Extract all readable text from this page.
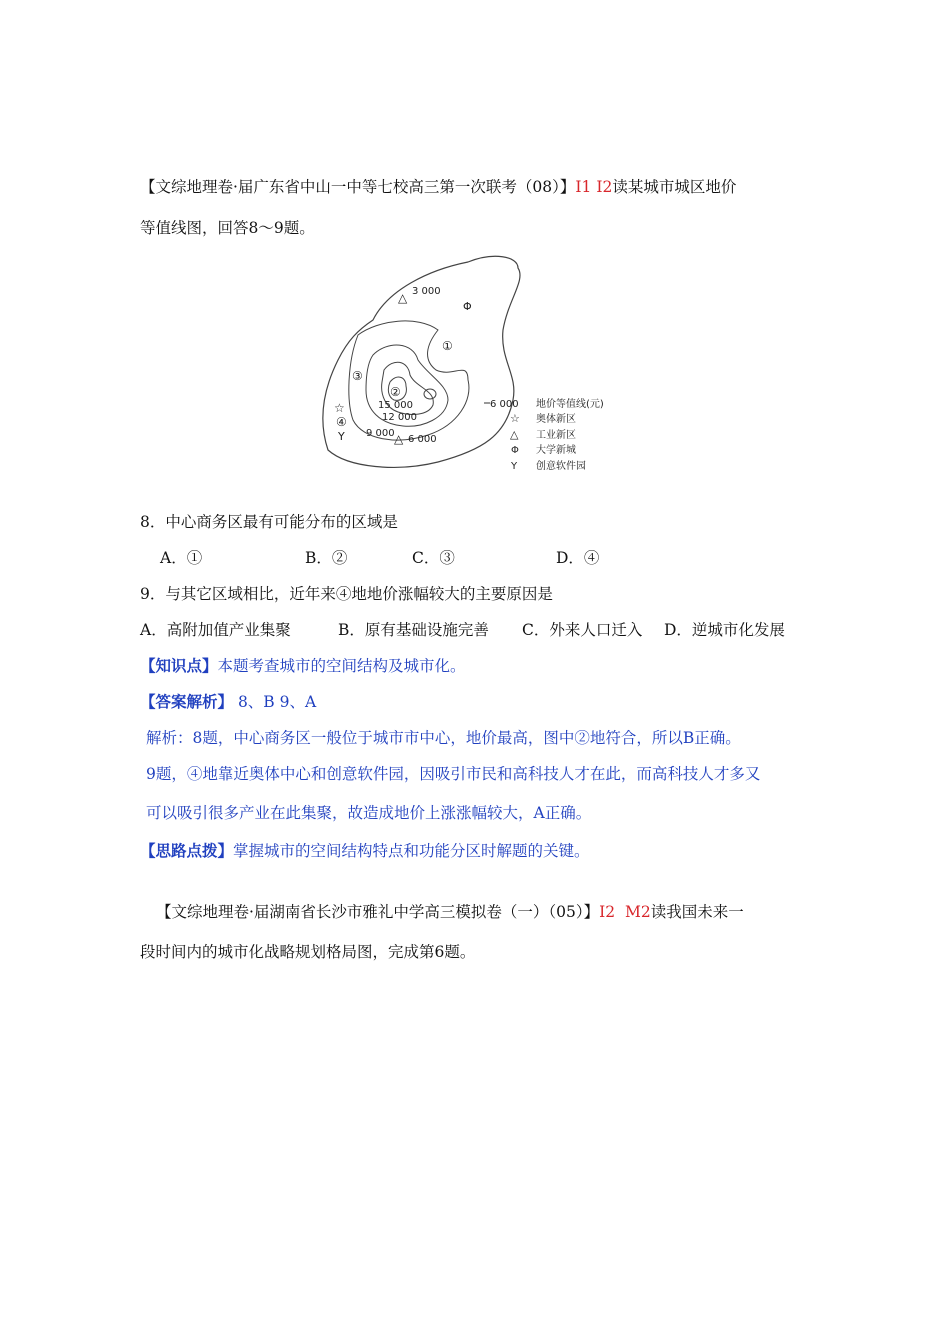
【文综地理卷·届广东省中山一中等七校高三第一次联考（08）】I1 I2读某城市城区地价
等值线图，回答8～9题。
3 000
6 000
9 000
12 000
15 000
6 000
①
②
③
④
△
Φ
☆
Y	△
地价等值线(元)
☆ 奥体新区
△ 工业新区
Φ 大学新城
Y 创意软件园
8．中心商务区最有可能分布的区域是
A．①	B．②	C．③	D．④
9．与其它区域相比，近年来④地地价涨幅较大的主要原因是
A．高附加值产业集聚	B．原有基础设施完善 C．外来人口迁入 D．逆城市化发展
【知识点】本题考查城市的空间结构及城市化。
【答案解析】 8、B 9、A
解析：8题，中心商务区一般位于城市市中心，地价最高，图中②地符合，所以B正确。
9题，④地靠近奥体中心和创意软件园，因吸引市民和高科技人才在此，而高科技人才多又
可以吸引很多产业在此集聚，故造成地价上涨涨幅较大，A正确。
【思路点拨】掌握城市的空间结构特点和功能分区时解题的关键。
【文综地理卷·届湖南省长沙市雅礼中学高三模拟卷（一）（05）】I2 M2读我国未来一
段时间内的城市化战略规划格局图，完成第6题。
